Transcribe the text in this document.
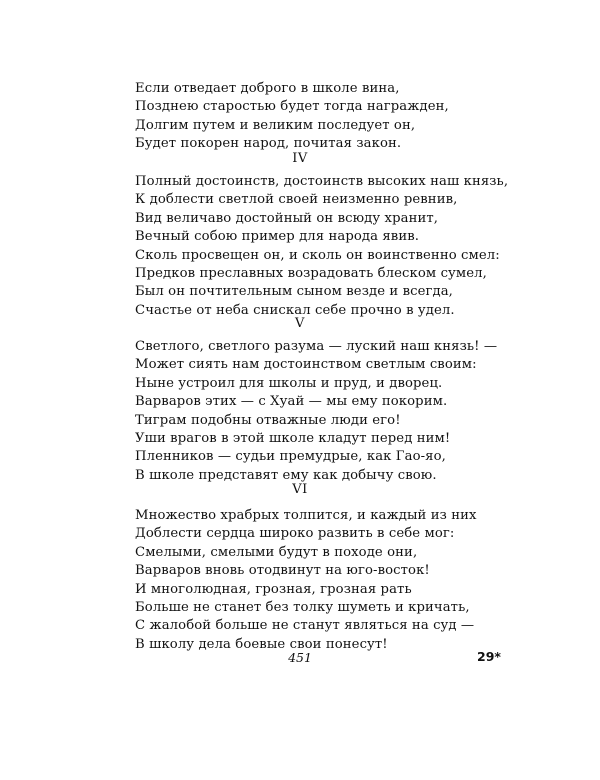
Если отведает доброго в школе вина,
Позднею старостью будет тогда награжден,
Долгим путем и великим последует он,
Будет покорен народ, почитая закон.
IV
Полный достоинств, достоинств высоких наш князь,
К доблести светлой своей неизменно ревнив,
Вид величаво достойный он всюду хранит,
Вечный собою пример для народа явив.
Сколь просвещен он, и сколь он воинственно смел:
Предков преславных возрадовать блеском сумел,
Был он почтительным сыном везде и всегда,
Счастье от неба снискал себе прочно в удел.
V
Светлого, светлого разума — луский наш князь! —
Может сиять нам достоинством светлым своим:
Ныне устроил для школы и пруд, и дворец.
Варваров этих — с Хуай — мы ему покорим.
Тиграм подобны отважные люди его!
Уши врагов в этой школе кладут перед ним!
Пленников — судьи премудрые, как Гао-яо,
В школе представят ему как добычу свою.
VI
Множество храбрых толпится, и каждый из них
Доблести сердца широко развить в себе мог:
Смелыми, смелыми будут в походе они,
Варваров вновь отодвинут на юго-восток!
И многолюдная, грозная, грозная рать
Больше не станет без толку шуметь и кричать,
С жалобой больше не станут являться на суд —
В школу дела боевые свои понесут!
451	29*
